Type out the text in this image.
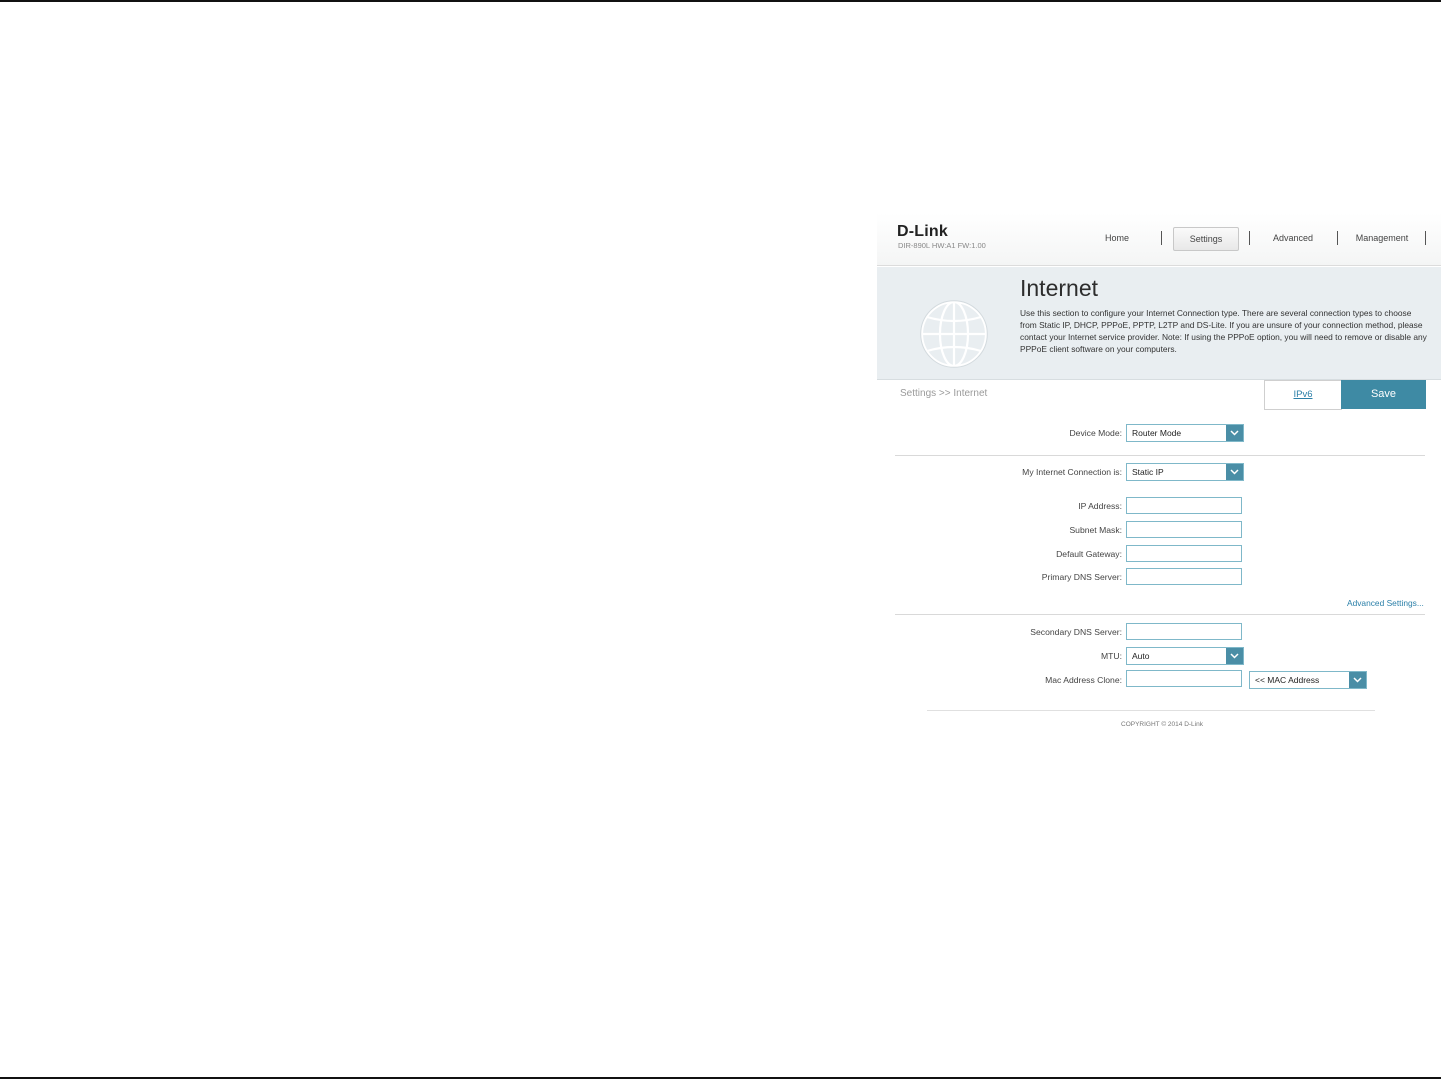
D-Link
DIR-890L HW:A1 FW:1.00
Home	Settings	Advanced	Management
Internet
Use this section to configure your Internet Connection type. There are several connection types to choose from Static IP, DHCP, PPPoE, PPTP, L2TP and DS-Lite. If you are unsure of your connection method, please contact your Internet service provider. Note: If using the PPPoE option, you will need to remove or disable any PPPoE client software on your computers.
Settings >> Internet	IPv6	Save
Device Mode:	Router Mode
My Internet Connection is:	Static IP
IP Address:
Subnet Mask:
Default Gateway:
Primary DNS Server:
Advanced Settings...
Secondary DNS Server:
MTU:	Auto
Mac Address Clone:	<< MAC Address
COPYRIGHT © 2014 D-Link
